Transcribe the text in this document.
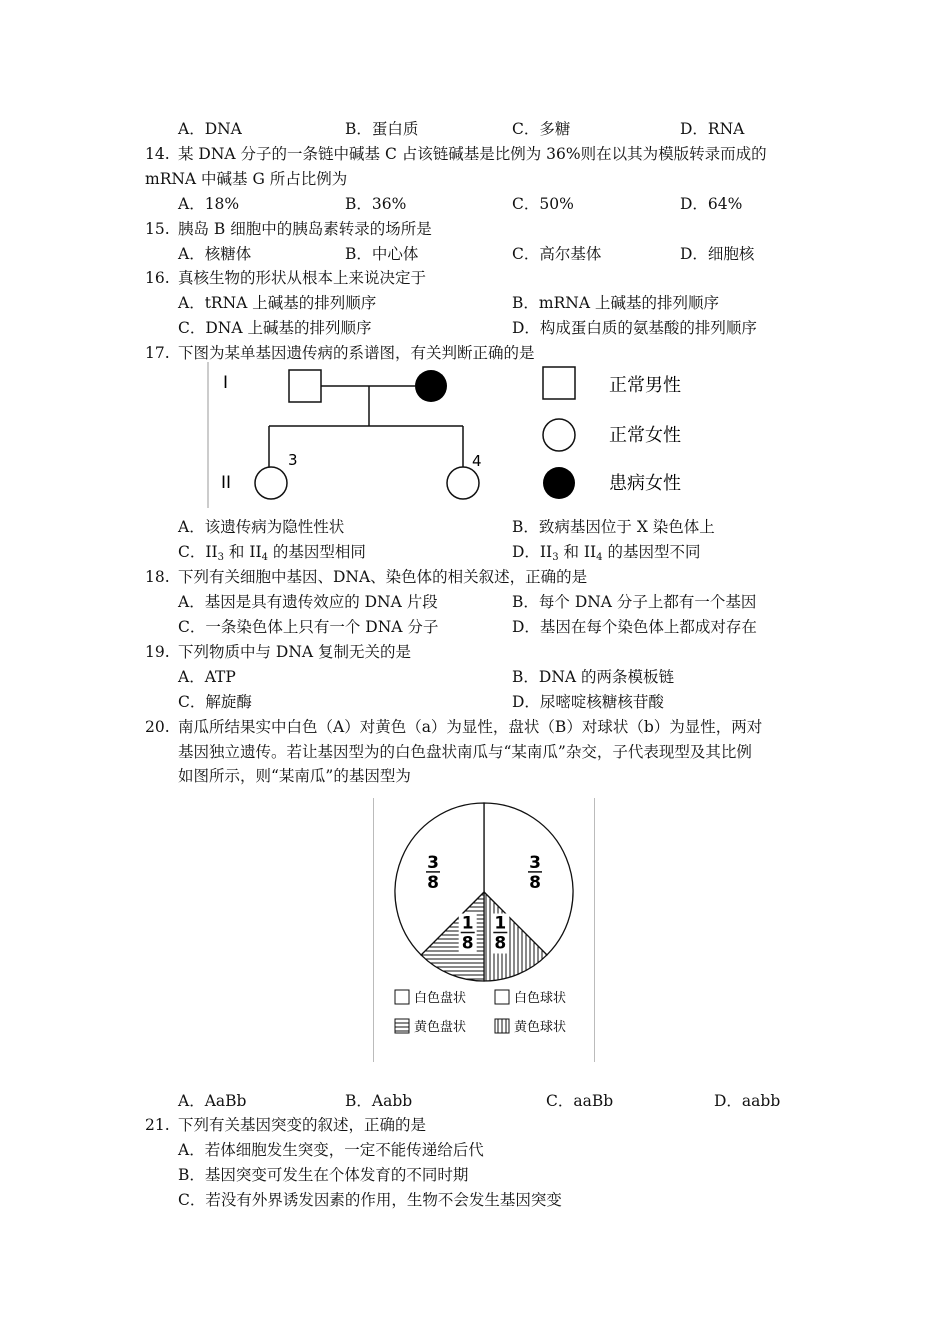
A．DNA	B．蛋白质	C．多糖	D．RNA
14. 某 DNA 分子的一条链中碱基 C 占该链碱基是比例为 36%则在以其为模版转录而成的
mRNA 中碱基 G 所占比例为
A．18%	B．36%	C．50%	D．64%
15. 胰岛 B 细胞中的胰岛素转录的场所是
A．核糖体	B．中心体	C．高尔基体	D．细胞核
16. 真核生物的形状从根本上来说决定于
A．tRNA 上碱基的排列顺序	B．mRNA 上碱基的排列顺序
C．DNA 上碱基的排列顺序	D．构成蛋白质的氨基酸的排列顺序
17. 下图为某单基因遗传病的系谱图，有关判断正确的是
I
II
3	4
正常男性
正常女性
患病女性
A．该遗传病为隐性性状	B．致病基因位于 X 染色体上
C．$II_3$ 和 $II_4$ 的基因型相同	D．$II_3$ 和 $II_4$ 的基因型不同
18. 下列有关细胞中基因、DNA、染色体的相关叙述，正确的是
A．基因是具有遗传效应的 DNA 片段	B．每个 DNA 分子上都有一个基因
C．一条染色体上只有一个 DNA 分子	D．基因在每个染色体上都成对存在
19. 下列物质中与 DNA 复制无关的是
A．ATP	B．DNA 的两条模板链
C．解旋酶	D．尿嘧啶核糖核苷酸
20. 南瓜所结果实中白色（A）对黄色（a）为显性，盘状（B）对球状（b）为显性，两对
基因独立遗传。若让基因型为的白色盘状南瓜与“某南瓜”杂交，子代表现型及其比例
如图所示，则“某南瓜”的基因型为
3
8
1
8
1
8
3
8
白色盘状	白色球状
黄色盘状	黄色球状
A．AaBb	B．Aabb	C．aaBb	D．aabb
21. 下列有关基因突变的叙述，正确的是
A．若体细胞发生突变，一定不能传递给后代
B．基因突变可发生在个体发育的不同时期
C．若没有外界诱发因素的作用，生物不会发生基因突变
